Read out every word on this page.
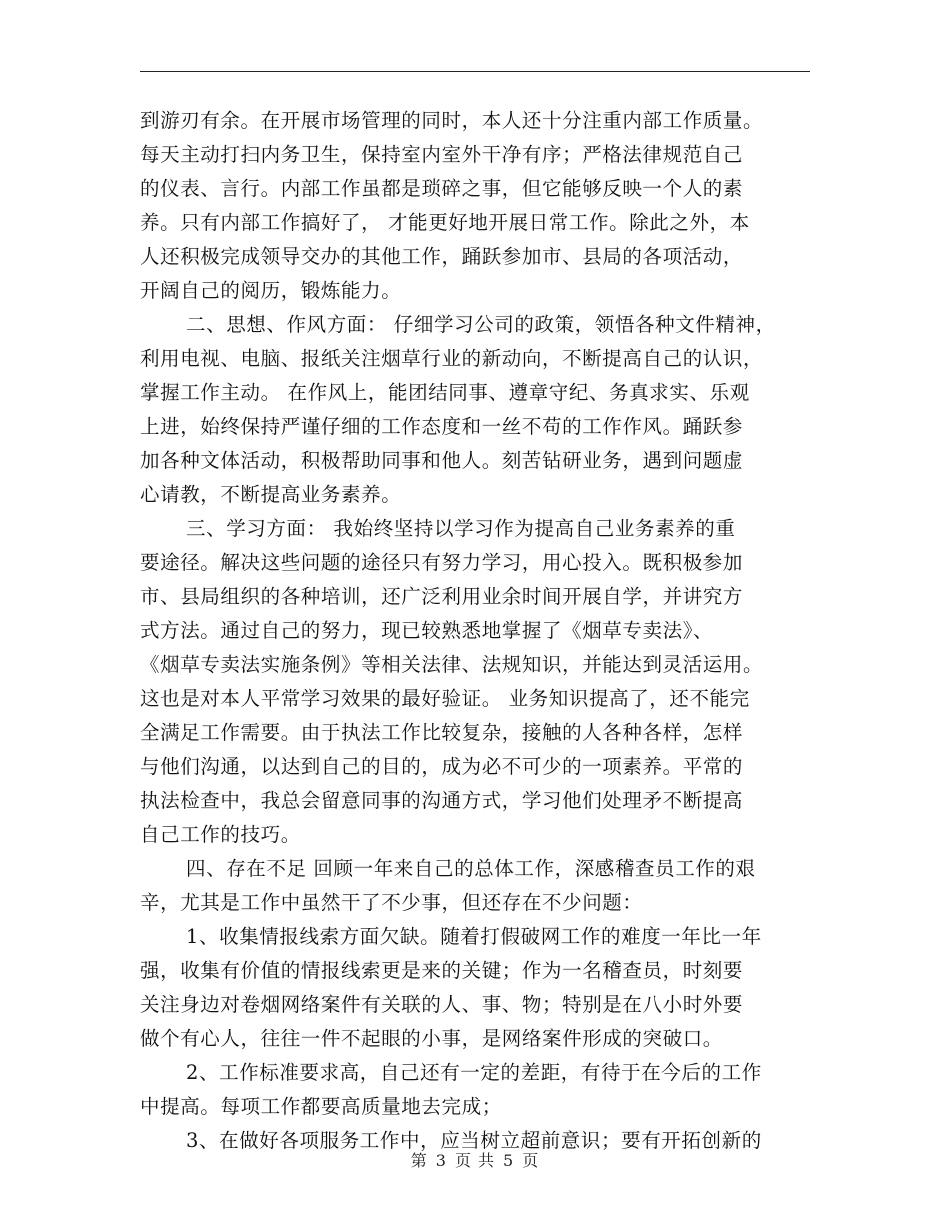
到游刃有余。在开展市场管理的同时，本人还十分注重内部工作质量。
每天主动打扫内务卫生，保持室内室外干净有序；严格法律规范自己
的仪表、言行。内部工作虽都是琐碎之事，但它能够反映一个人的素
养。只有内部工作搞好了， 才能更好地开展日常工作。除此之外，本
人还积极完成领导交办的其他工作，踊跃参加市、县局的各项活动，
开阔自己的阅历，锻炼能力。
二、思想、作风方面： 仔细学习公司的政策，领悟各种文件精神，
利用电视、电脑、报纸关注烟草行业的新动向，不断提高自己的认识，
掌握工作主动。 在作风上，能团结同事、遵章守纪、务真求实、乐观
上进，始终保持严谨仔细的工作态度和一丝不苟的工作作风。踊跃参
加各种文体活动，积极帮助同事和他人。刻苦钻研业务，遇到问题虚
心请教，不断提高业务素养。
三、学习方面： 我始终坚持以学习作为提高自己业务素养的重
要途径。解决这些问题的途径只有努力学习，用心投入。既积极参加
市、县局组织的各种培训，还广泛利用业余时间开展自学，并讲究方
式方法。通过自己的努力，现已较熟悉地掌握了《烟草专卖法》、
《烟草专卖法实施条例》等相关法律、法规知识，并能达到灵活运用。
这也是对本人平常学习效果的最好验证。 业务知识提高了，还不能完
全满足工作需要。由于执法工作比较复杂，接触的人各种各样，怎样
与他们沟通，以达到自己的目的，成为必不可少的一项素养。平常的
执法检查中，我总会留意同事的沟通方式，学习他们处理矛不断提高
自己工作的技巧。
四、存在不足 回顾一年来自己的总体工作，深感稽查员工作的艰
辛，尤其是工作中虽然干了不少事，但还存在不少问题：
1、收集情报线索方面欠缺。随着打假破网工作的难度一年比一年
强，收集有价值的情报线索更是来的关键；作为一名稽查员，时刻要
关注身边对卷烟网络案件有关联的人、事、物；特别是在八小时外要
做个有心人，往往一件不起眼的小事，是网络案件形成的突破口。
2、工作标准要求高，自己还有一定的差距，有待于在今后的工作
中提高。每项工作都要高质量地去完成；
3、在做好各项服务工作中，应当树立超前意识；要有开拓创新的
第 3 页 共 5 页
